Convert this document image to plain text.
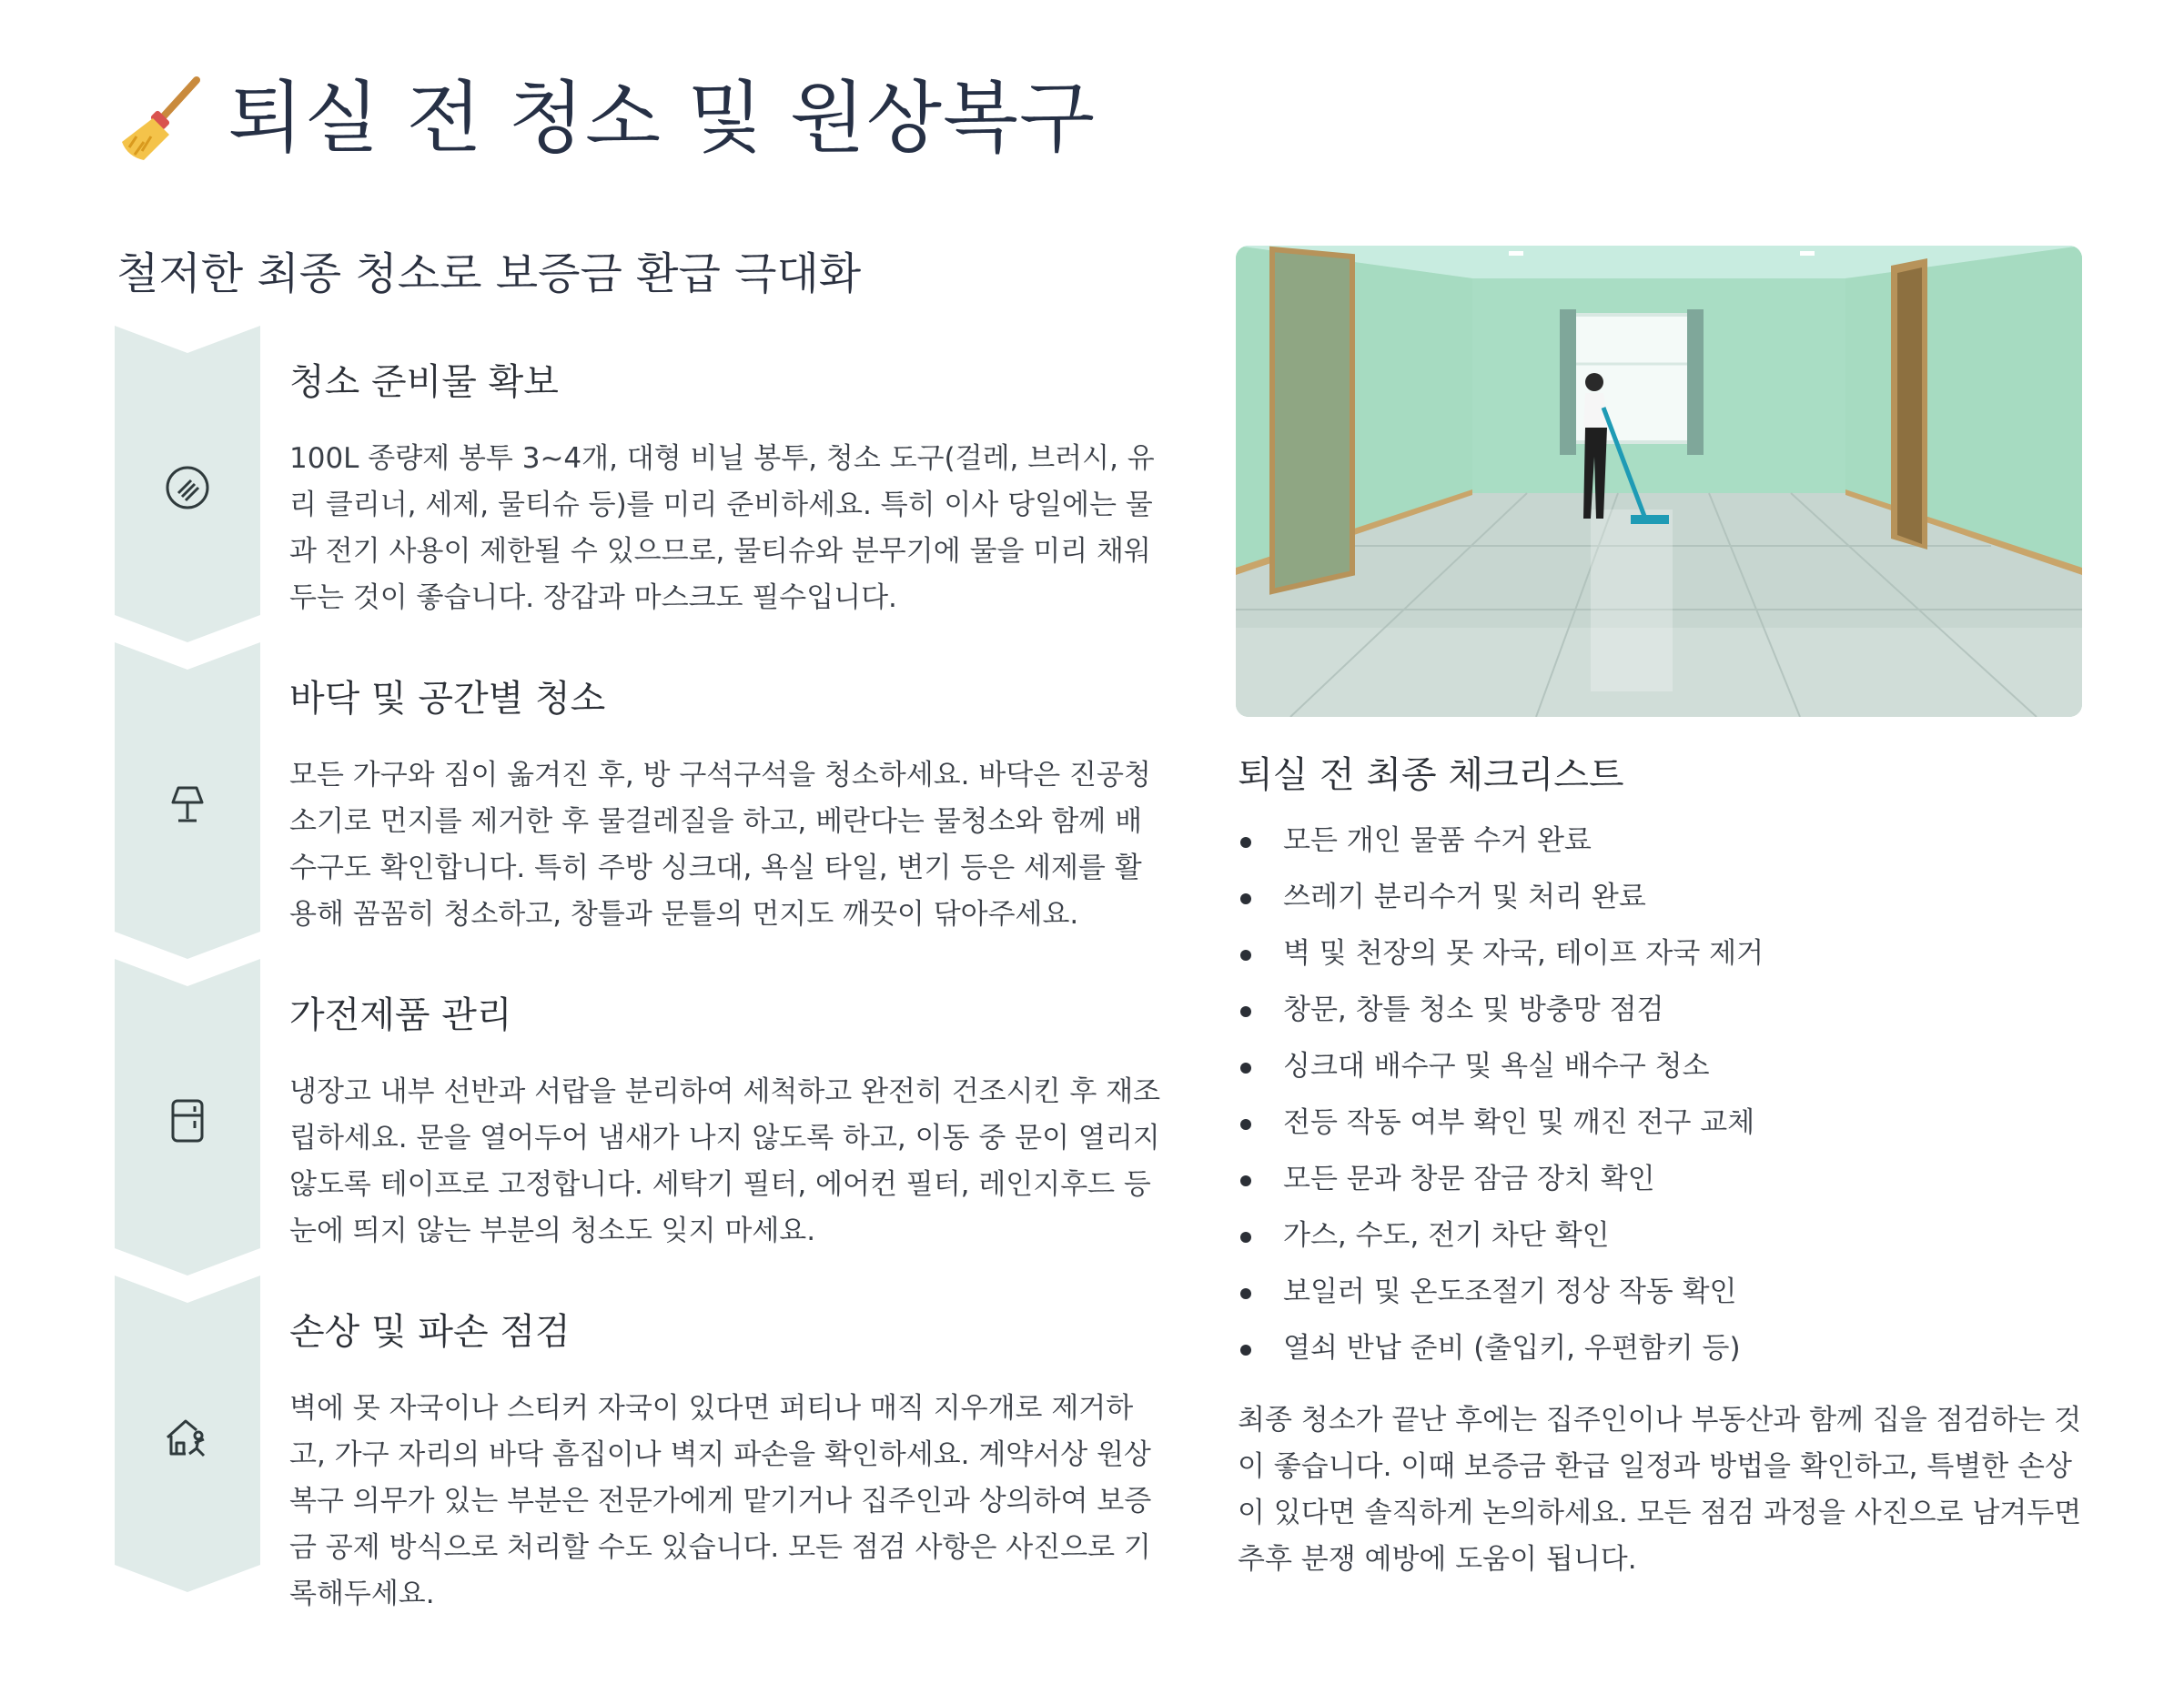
퇴실 전 청소 및 원상복구
철저한 최종 청소로 보증금 환급 극대화
청소 준비물 확보

100L 종량제 봉투 3~4개, 대형 비닐 봉투, 청소 도구(걸레, 브러시, 유리 클리너, 세제, 물티슈 등)를 미리 준비하세요. 특히 이사 당일에는 물과 전기 사용이 제한될 수 있으므로, 물티슈와 분무기에 물을 미리 채워두는 것이 좋습니다. 장갑과 마스크도 필수입니다.

바닥 및 공간별 청소

모든 가구와 짐이 옮겨진 후, 방 구석구석을 청소하세요. 바닥은 진공청소기로 먼지를 제거한 후 물걸레질을 하고, 베란다는 물청소와 함께 배수구도 확인합니다. 특히 주방 싱크대, 욕실 타일, 변기 등은 세제를 활용해 꼼꼼히 청소하고, 창틀과 문틀의 먼지도 깨끗이 닦아주세요.

가전제품 관리

냉장고 내부 선반과 서랍을 분리하여 세척하고 완전히 건조시킨 후 재조립하세요. 문을 열어두어 냄새가 나지 않도록 하고, 이동 중 문이 열리지 않도록 테이프로 고정합니다. 세탁기 필터, 에어컨 필터, 레인지후드 등 눈에 띄지 않는 부분의 청소도 잊지 마세요.

손상 및 파손 점검

벽에 못 자국이나 스티커 자국이 있다면 퍼티나 매직 지우개로 제거하고, 가구 자리의 바닥 흠집이나 벽지 파손을 확인하세요. 계약서상 원상복구 의무가 있는 부분은 전문가에게 맡기거나 집주인과 상의하여 보증금 공제 방식으로 처리할 수도 있습니다. 모든 점검 사항은 사진으로 기록해두세요.

퇴실 전 최종 체크리스트
모든 개인 물품 수거 완료
쓰레기 분리수거 및 처리 완료
벽 및 천장의 못 자국, 테이프 자국 제거
창문, 창틀 청소 및 방충망 점검
싱크대 배수구 및 욕실 배수구 청소
전등 작동 여부 확인 및 깨진 전구 교체
모든 문과 창문 잠금 장치 확인
가스, 수도, 전기 차단 확인
보일러 및 온도조절기 정상 작동 확인
열쇠 반납 준비 (출입키, 우편함키 등)

최종 청소가 끝난 후에는 집주인이나 부동산과 함께 집을 점검하는 것이 좋습니다. 이때 보증금 환급 일정과 방법을 확인하고, 특별한 손상이 있다면 솔직하게 논의하세요. 모든 점검 과정을 사진으로 남겨두면 추후 분쟁 예방에 도움이 됩니다.
